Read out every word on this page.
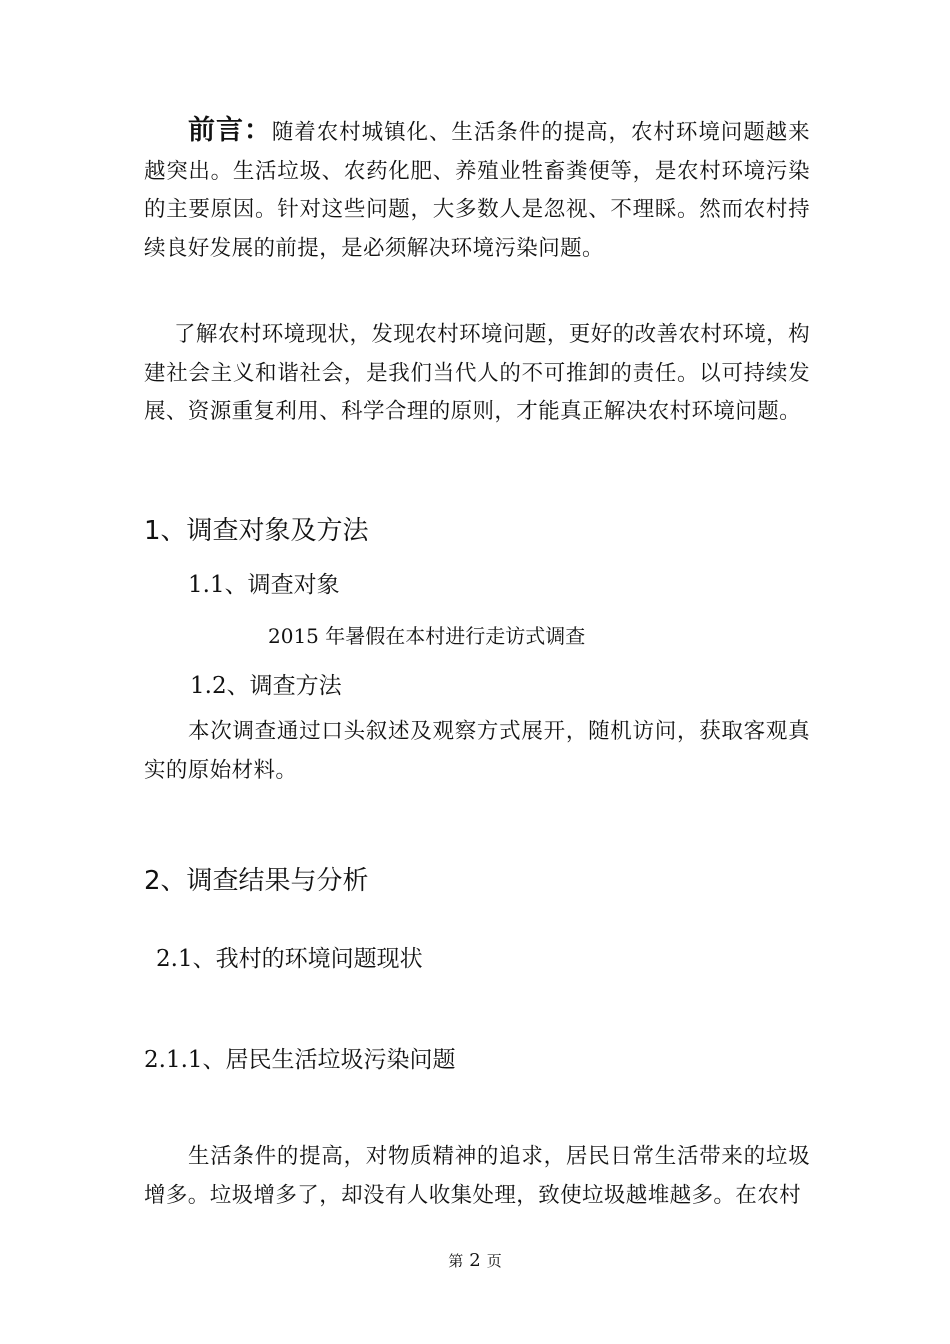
前言：随着农村城镇化、生活条件的提高，农村环境问题越来越突出。生活垃圾、农药化肥、养殖业牲畜粪便等，是农村环境污染的主要原因。针对这些问题，大多数人是忽视、不理睬。然而农村持续良好发展的前提，是必须解决环境污染问题。

了解农村环境现状，发现农村环境问题，更好的改善农村环境，构建社会主义和谐社会，是我们当代人的不可推卸的责任。以可持续发展、资源重复利用、科学合理的原则，才能真正解决农村环境问题。

1、调查对象及方法
1.1、调查对象

2015 年暑假在本村进行走访式调查

1.2、调查方法

本次调查通过口头叙述及观察方式展开，随机访问，获取客观真实的原始材料。

2、调查结果与分析
2.1、我村的环境问题现状
2.1.1、居民生活垃圾污染问题

生活条件的提高，对物质精神的追求，居民日常生活带来的垃圾增多。垃圾增多了，却没有人收集处理，致使垃圾越堆越多。在农村

第 2 页
